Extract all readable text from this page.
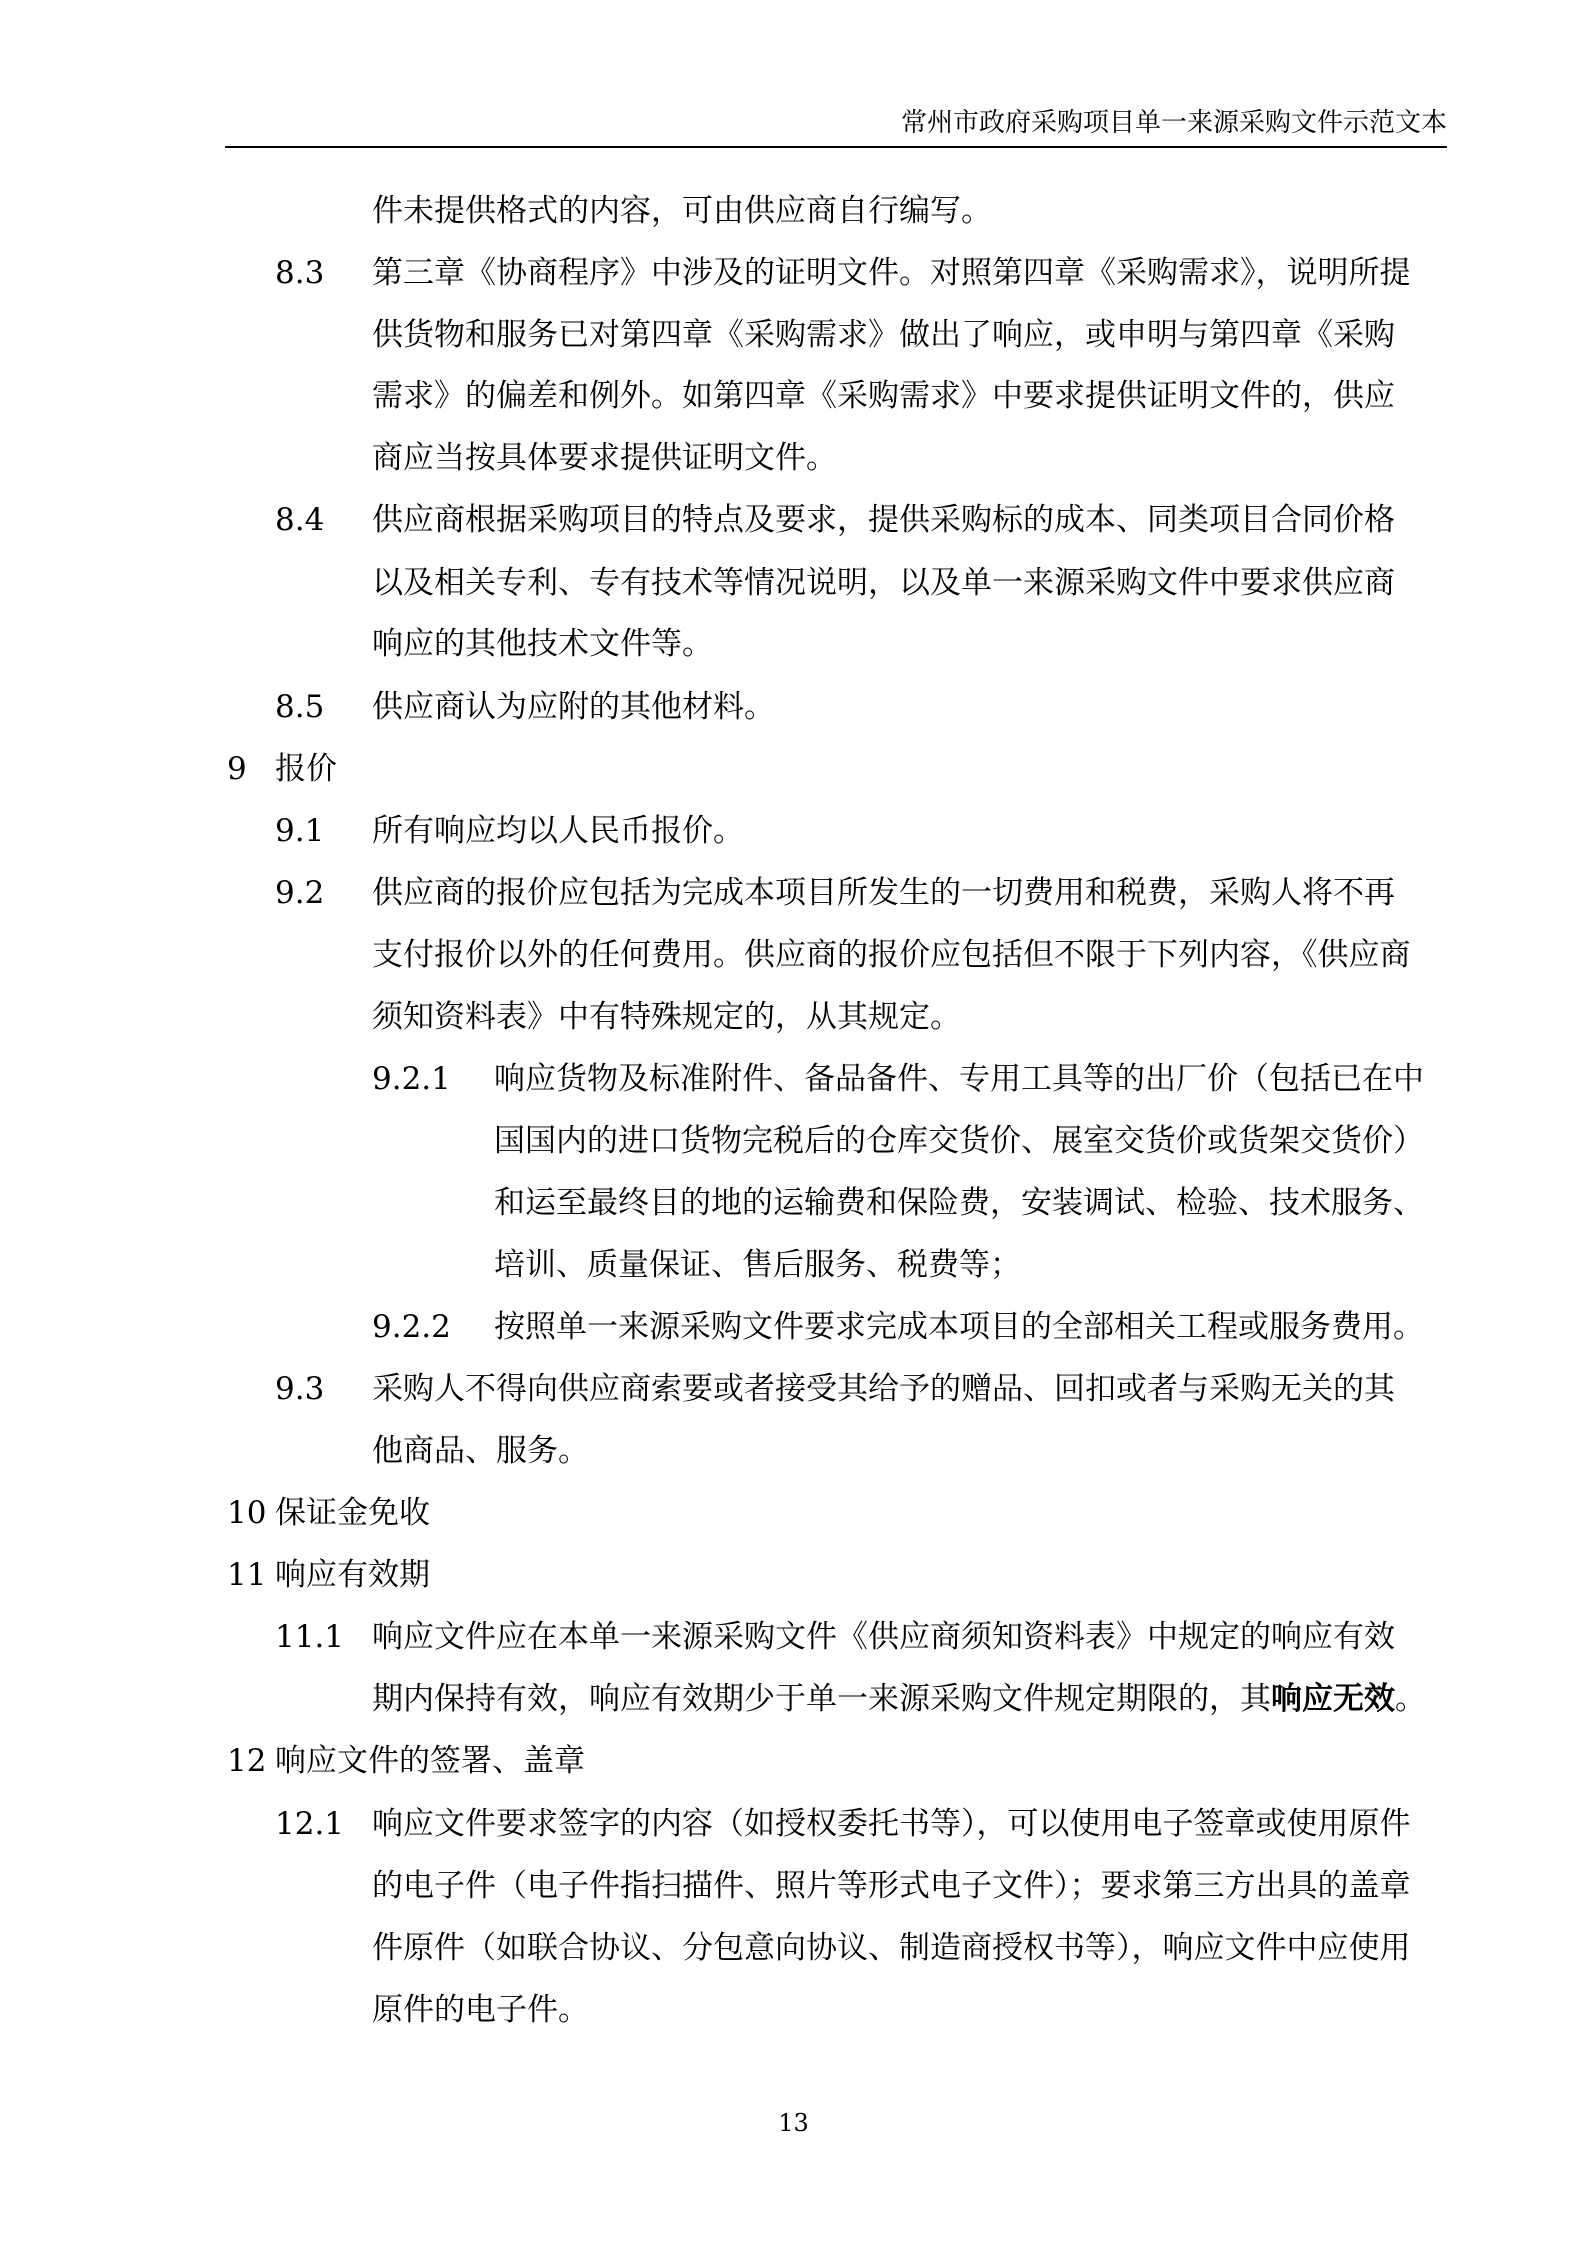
常州市政府采购项目单一来源采购文件示范文本
件未提供格式的内容，可由供应商自行编写。
8.3 第三章《协商程序》中涉及的证明文件。对照第四章《采购需求》，说明所提
供货物和服务已对第四章《采购需求》做出了响应，或申明与第四章《采购
需求》的偏差和例外。如第四章《采购需求》中要求提供证明文件的，供应
商应当按具体要求提供证明文件。
8.4 供应商根据采购项目的特点及要求，提供采购标的成本、同类项目合同价格
以及相关专利、专有技术等情况说明，以及单一来源采购文件中要求供应商
响应的其他技术文件等。
8.5 供应商认为应附的其他材料。
9 报价
9.1 所有响应均以人民币报价。
9.2 供应商的报价应包括为完成本项目所发生的一切费用和税费，采购人将不再
支付报价以外的任何费用。供应商的报价应包括但不限于下列内容，《供应商
须知资料表》中有特殊规定的，从其规定。
9.2.1 响应货物及标准附件、备品备件、专用工具等的出厂价（包括已在中
国国内的进口货物完税后的仓库交货价、展室交货价或货架交货价）
和运至最终目的地的运输费和保险费，安装调试、检验、技术服务、
培训、质量保证、售后服务、税费等；
9.2.2 按照单一来源采购文件要求完成本项目的全部相关工程或服务费用。
9.3 采购人不得向供应商索要或者接受其给予的赠品、回扣或者与采购无关的其
他商品、服务。
10 保证金免收
11 响应有效期
11.1 响应文件应在本单一来源采购文件《供应商须知资料表》中规定的响应有效
期内保持有效，响应有效期少于单一来源采购文件规定期限的，其响应无效。
12 响应文件的签署、盖章
12.1 响应文件要求签字的内容（如授权委托书等），可以使用电子签章或使用原件
的电子件（电子件指扫描件、照片等形式电子文件）；要求第三方出具的盖章
件原件（如联合协议、分包意向协议、制造商授权书等），响应文件中应使用
原件的电子件。
13
